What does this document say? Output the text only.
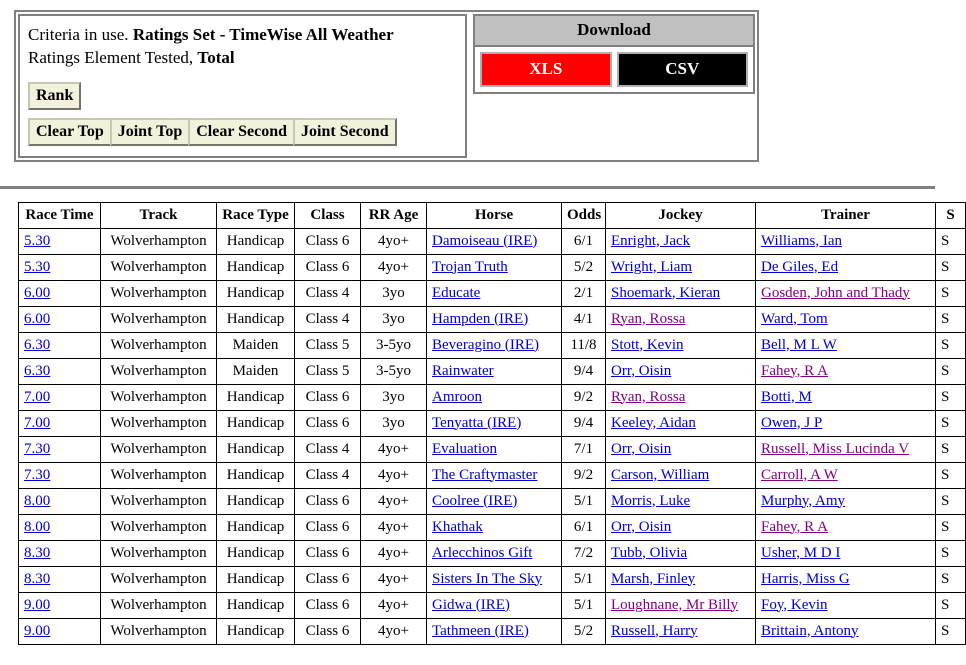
Criteria in use. Ratings Set - TimeWise All Weather
Ratings Element Tested, Total
Rank
Clear Top Joint Top Clear Second Joint Second
Download
XLS	CSV
Race Time	Track	Race Type	Class	RR Age	Horse	Odds	Jockey	Trainer	S
5.30	Wolverhampton	Handicap	Class 6	4yo+	Damoiseau (IRE)	6/1	Enright, Jack	Williams, Ian	S
5.30	Wolverhampton	Handicap	Class 6	4yo+	Trojan Truth	5/2	Wright, Liam	De Giles, Ed	S
6.00	Wolverhampton	Handicap	Class 4	3yo	Educate	2/1	Shoemark, Kieran	Gosden, John and Thady	S
6.00	Wolverhampton	Handicap	Class 4	3yo	Hampden (IRE)	4/1	Ryan, Rossa	Ward, Tom	S
6.30	Wolverhampton	Maiden	Class 5	3-5yo	Beveragino (IRE)	11/8	Stott, Kevin	Bell, M L W	S
6.30	Wolverhampton	Maiden	Class 5	3-5yo	Rainwater	9/4	Orr, Oisin	Fahey, R A	S
7.00	Wolverhampton	Handicap	Class 6	3yo	Amroon	9/2	Ryan, Rossa	Botti, M	S
7.00	Wolverhampton	Handicap	Class 6	3yo	Tenyatta (IRE)	9/4	Keeley, Aidan	Owen, J P	S
7.30	Wolverhampton	Handicap	Class 4	4yo+	Evaluation	7/1	Orr, Oisin	Russell, Miss Lucinda V	S
7.30	Wolverhampton	Handicap	Class 4	4yo+	The Craftymaster	9/2	Carson, William	Carroll, A W	S
8.00	Wolverhampton	Handicap	Class 6	4yo+	Coolree (IRE)	5/1	Morris, Luke	Murphy, Amy	S
8.00	Wolverhampton	Handicap	Class 6	4yo+	Khathak	6/1	Orr, Oisin	Fahey, R A	S
8.30	Wolverhampton	Handicap	Class 6	4yo+	Arlecchinos Gift	7/2	Tubb, Olivia	Usher, M D I	S
8.30	Wolverhampton	Handicap	Class 6	4yo+	Sisters In The Sky	5/1	Marsh, Finley	Harris, Miss G	S
9.00	Wolverhampton	Handicap	Class 6	4yo+	Gidwa (IRE)	5/1	Loughnane, Mr Billy	Foy, Kevin	S
9.00	Wolverhampton	Handicap	Class 6	4yo+	Tathmeen (IRE)	5/2	Russell, Harry	Brittain, Antony	S
